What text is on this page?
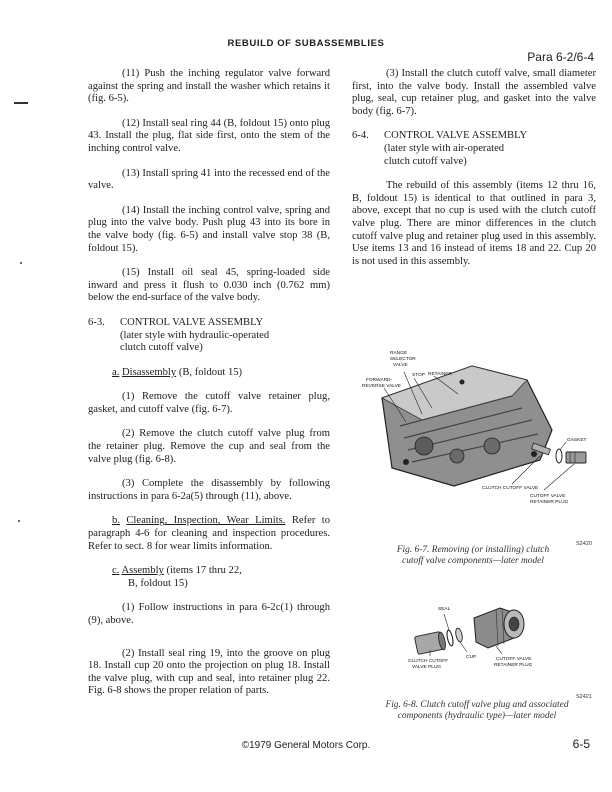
REBUILD OF SUBASSEMBLIES
Para 6-2/6-4

(11) Push the inching regulator valve forward against the spring and install the washer which retains it (fig. 6-5).

(12) Install seal ring 44 (B, foldout 15) onto plug 43. Install the plug, flat side first, onto the stem of the inching control valve.

(13) Install spring 41 into the recessed end of the valve.

(14) Install the inching control valve, spring and plug into the valve body. Push plug 43 into its bore in the valve body (fig. 6-5) and install valve stop 38 (B, foldout 15).

(15) Install oil seal 45, spring-loaded side inward and press it flush to 0.030 inch (0.762 mm) below the end-surface of the valve body.

6-3.	CONTROL VALVE ASSEMBLY
(later style with hydraulic-operated
clutch cutoff valve)
a. Disassembly (B, foldout 15)

(1) Remove the cutoff valve retainer plug, gasket, and cutoff valve (fig. 6-7).

(2) Remove the clutch cutoff valve plug from the retainer plug. Remove the cup and seal from the valve plug (fig. 6-8).

(3) Complete the disassembly by following instructions in para 6-2a(5) through (11), above.

b. Cleaning, Inspection, Wear Limits. Refer to paragraph 4-6 for cleaning and inspection procedures. Refer to sect. 8 for wear limits information.
c. Assembly (items 17 thru 22,
B, foldout 15)

(1) Follow instructions in para 6-2c(1) through (9), above.

(2) Install seal ring 19, into the groove on plug 18. Install cup 20 onto the projection on plug 18. Install the valve plug, with cup and seal, into retainer plug 22. Fig. 6-8 shows the proper relation of parts.

(3) Install the clutch cutoff valve, small diameter first, into the valve body. Install the assembled valve plug, seal, cup retainer plug, and gasket into the valve body (fig. 6-7).

6-4.	CONTROL VALVE ASSEMBLY
(later style with air-operated
clutch cutoff valve)

The rebuild of this assembly (items 12 thru 16, B, foldout 15) is identical to that outlined in para 3, above, except that no cup is used with the clutch cutoff valve plug. There are minor differences in the clutch cutoff valve plug and retainer plug used in this assembly. Use items 13 and 16 instead of items 18 and 22. Cup 20 is not used in this assembly.

RANGE
SELECTOR
VALVE
STOP RETAINER
FORWARD-
REVERSE VALVE
GASKET
CLUTCH CUTOFF VALVE
CUTOFF VALVE
RETAINER PLUG
S2420
Fig. 6-7. Removing (or installing) clutch
cutoff valve components—later model
SEAL
CUP
CLUTCH CUTOFF
VALVE PLUG
CUTOFF VALVE
RETAINER PLUG
S2421
Fig. 6-8. Clutch cutoff valve plug and associated
components (hydraulic type)—later model
©1979 General Motors Corp.	6-5
